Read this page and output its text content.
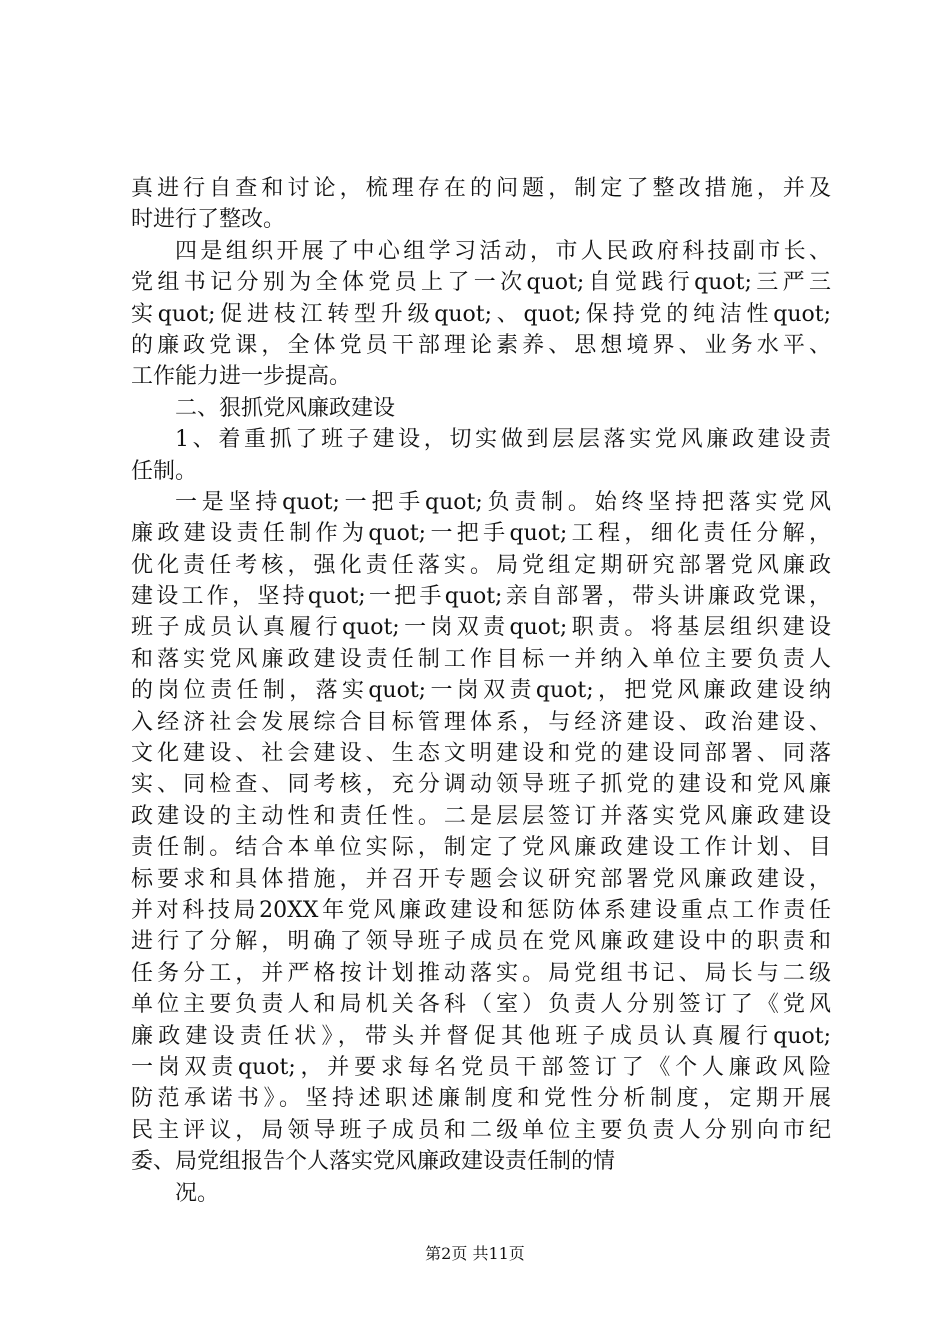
真进行自查和讨论，梳理存在的问题，制定了整改措施，并及
时进行了整改。
四是组织开展了中心组学习活动，市人民政府科技副市长、
党组书记分别为全体党员上了一次quot;自觉践行quot;三严三
实quot;促进枝江转型升级quot;、quot;保持党的纯洁性quot;
的廉政党课，全体党员干部理论素养、思想境界、业务水平、
工作能力进一步提高。
二、狠抓党风廉政建设
1、着重抓了班子建设，切实做到层层落实党风廉政建设责
任制。
一是坚持quot;一把手quot;负责制。始终坚持把落实党风
廉政建设责任制作为quot;一把手quot;工程，细化责任分解，
优化责任考核，强化责任落实。局党组定期研究部署党风廉政
建设工作，坚持quot;一把手quot;亲自部署，带头讲廉政党课，
班子成员认真履行quot;一岗双责quot;职责。将基层组织建设
和落实党风廉政建设责任制工作目标一并纳入单位主要负责人
的岗位责任制，落实quot;一岗双责quot;，把党风廉政建设纳
入经济社会发展综合目标管理体系，与经济建设、政治建设、
文化建设、社会建设、生态文明建设和党的建设同部署、同落
实、同检查、同考核，充分调动领导班子抓党的建设和党风廉
政建设的主动性和责任性。二是层层签订并落实党风廉政建设
责任制。结合本单位实际，制定了党风廉政建设工作计划、目
标要求和具体措施，并召开专题会议研究部署党风廉政建设，
并对科技局20XX年党风廉政建设和惩防体系建设重点工作责任
进行了分解，明确了领导班子成员在党风廉政建设中的职责和
任务分工，并严格按计划推动落实。局党组书记、局长与二级
单位主要负责人和局机关各科（室）负责人分别签订了《党风
廉政建设责任状》，带头并督促其他班子成员认真履行quot;
一岗双责quot;，并要求每名党员干部签订了《个人廉政风险
防范承诺书》。坚持述职述廉制度和党性分析制度，定期开展
民主评议，局领导班子成员和二级单位主要负责人分别向市纪
委、局党组报告个人落实党风廉政建设责任制的情
况。
第2页 共11页
